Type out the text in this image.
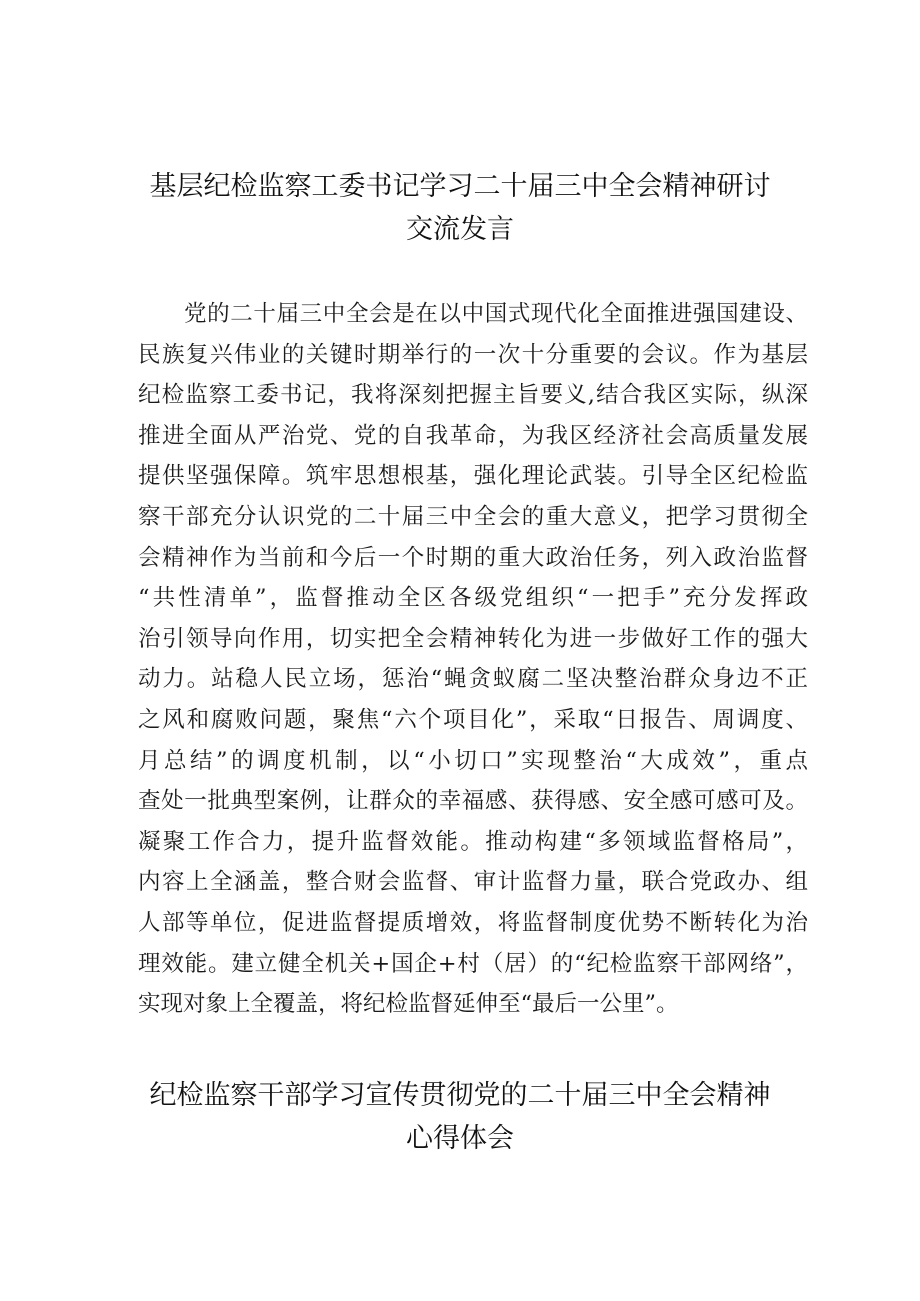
基层纪检监察工委书记学习二十届三中全会精神研讨
交流发言
党的二十届三中全会是在以中国式现代化全面推进强国建设、
民族复兴伟业的关键时期举行的一次十分重要的会议。作为基层
纪检监察工委书记，我将深刻把握主旨要义,结合我区实际，纵深
推进全面从严治党、党的自我革命，为我区经济社会高质量发展
提供坚强保障。筑牢思想根基，强化理论武装。引导全区纪检监
察干部充分认识党的二十届三中全会的重大意义，把学习贯彻全
会精神作为当前和今后一个时期的重大政治任务，列入政治监督
“共性清单”，监督推动全区各级党组织“一把手”充分发挥政
治引领导向作用，切实把全会精神转化为进一步做好工作的强大
动力。站稳人民立场，惩治“蝇贪蚁腐二坚决整治群众身边不正
之风和腐败问题，聚焦“六个项目化”，采取“日报告、周调度、
月总结”的调度机制，以“小切口”实现整治“大成效”，重点
查处一批典型案例，让群众的幸福感、获得感、安全感可感可及。
凝聚工作合力，提升监督效能。推动构建“多领域监督格局”，
内容上全涵盖，整合财会监督、审计监督力量，联合党政办、组
人部等单位，促进监督提质增效，将监督制度优势不断转化为治
理效能。建立健全机关+国企+村（居）的“纪检监察干部网络”，
实现对象上全覆盖，将纪检监督延伸至“最后一公里”。
纪检监察干部学习宣传贯彻党的二十届三中全会精神
心得体会
